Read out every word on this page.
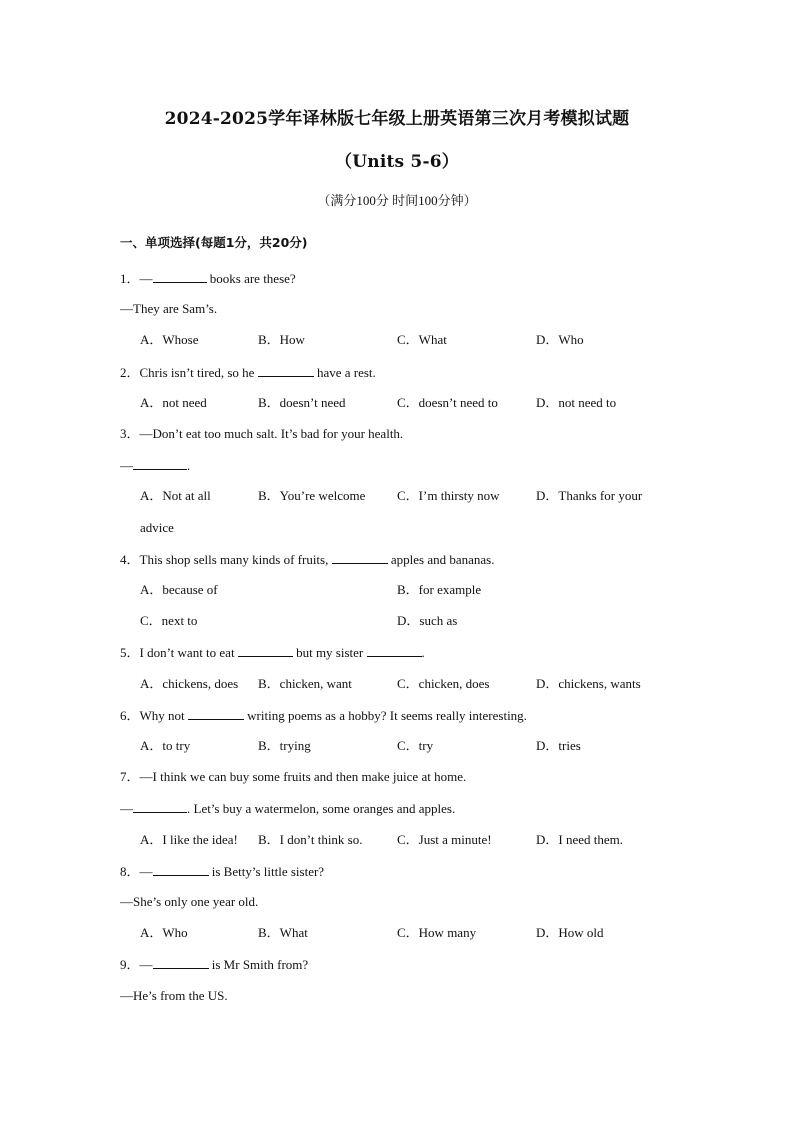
2024-2025学年译林版七年级上册英语第三次月考模拟试题
（Units 5-6）
（满分100分 时间100分钟）
一、单项选择(每题1分，共20分)
1．—	books are these?
—They are Sam’s.
A．Whose	B．How	C．What	D．Who
2．Chris isn’t tired, so he	have a rest.
A．not need	B．doesn’t need	C．doesn’t need to	D．not need to
3．—Don’t eat too much salt. It’s bad for your health.
—	.
A．Not at all	B．You’re welcome C．I’m thirsty now	D．Thanks for your
advice
4．This shop sells many kinds of fruits,	apples and bananas.
A．because of	B．for example
C．next to	D．such as
5．I don’t want to eat	but my sister	.
A．chickens, does B．chicken, want	C．chicken, does	D．chickens, wants
6．Why not	writing poems as a hobby? It seems really interesting.
A．to try	B．trying	C．try	D．tries
7．—I think we can buy some fruits and then make juice at home.
—	. Let’s buy a watermelon, some oranges and apples.
A．I like the idea! B．I don’t think so.	C．Just a minute!	D．I need them.
8．—	is Betty’s little sister?
—She’s only one year old.
A．Who	B．What	C．How many	D．How old
9．—	is Mr Smith from?
—He’s from the US.
